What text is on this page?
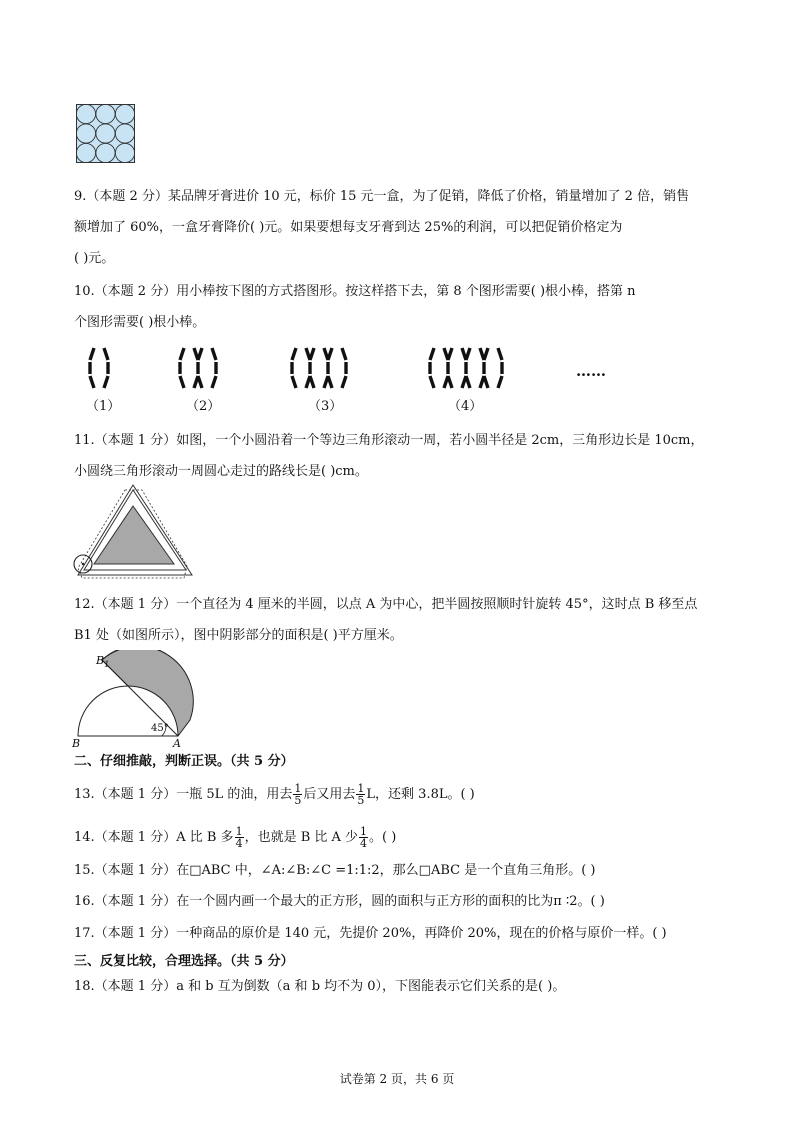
9.（本题 2 分）某品牌牙膏进价 10 元，标价 15 元一盒，为了促销，降低了价格，销量增加了 2 倍，销售
额增加了 60%，一盒牙膏降价( )元。如果要想每支牙膏到达 25%的利润，可以把促销价格定为
( )元。
10.（本题 2 分）用小棒按下图的方式搭图形。按这样搭下去，第 8 个图形需要( )根小棒，搭第 n
个图形需要( )根小棒。
（1）	（2）	（3）	（4）
……
11.（本题 1 分）如图，一个小圆沿着一个等边三角形滚动一周，若小圆半径是 2cm，三角形边长是 10cm，
小圆绕三角形滚动一周圆心走过的路线长是( )cm。
12.（本题 1 分）一个直径为 4 厘米的半圆，以点 A 为中心，把半圆按照顺时针旋转 45°，这时点 B 移至点
B1 处（如图所示），图中阴影部分的面积是( )平方厘米。
$B_1$
B	A
45°
二、仔细推敲，判断正误。（共 5 分）
13.（本题 1 分）一瓶 5L 的油，用去 $\frac{1}{5}$ 后又用去 $\frac{1}{5}$ L，还剩 3.8L。( )
14.（本题 1 分）A 比 B 多 $\frac{1}{4}$ ，也就是 B 比 A 少 $\frac{1}{4}$ 。( )
15.（本题 1 分）在□ABC 中，∠A:∠B:∠C =1:1:2，那么□ABC 是一个直角三角形。( )
16.（本题 1 分）在一个圆内画一个最大的正方形，圆的面积与正方形的面积的比为π ∶2。( )
17.（本题 1 分）一种商品的原价是 140 元，先提价 20%，再降价 20%，现在的价格与原价一样。( )
三、反复比较，合理选择。（共 5 分）
18.（本题 1 分）a 和 b 互为倒数（a 和 b 均不为 0），下图能表示它们关系的是( )。
试卷第 2 页，共 6 页
